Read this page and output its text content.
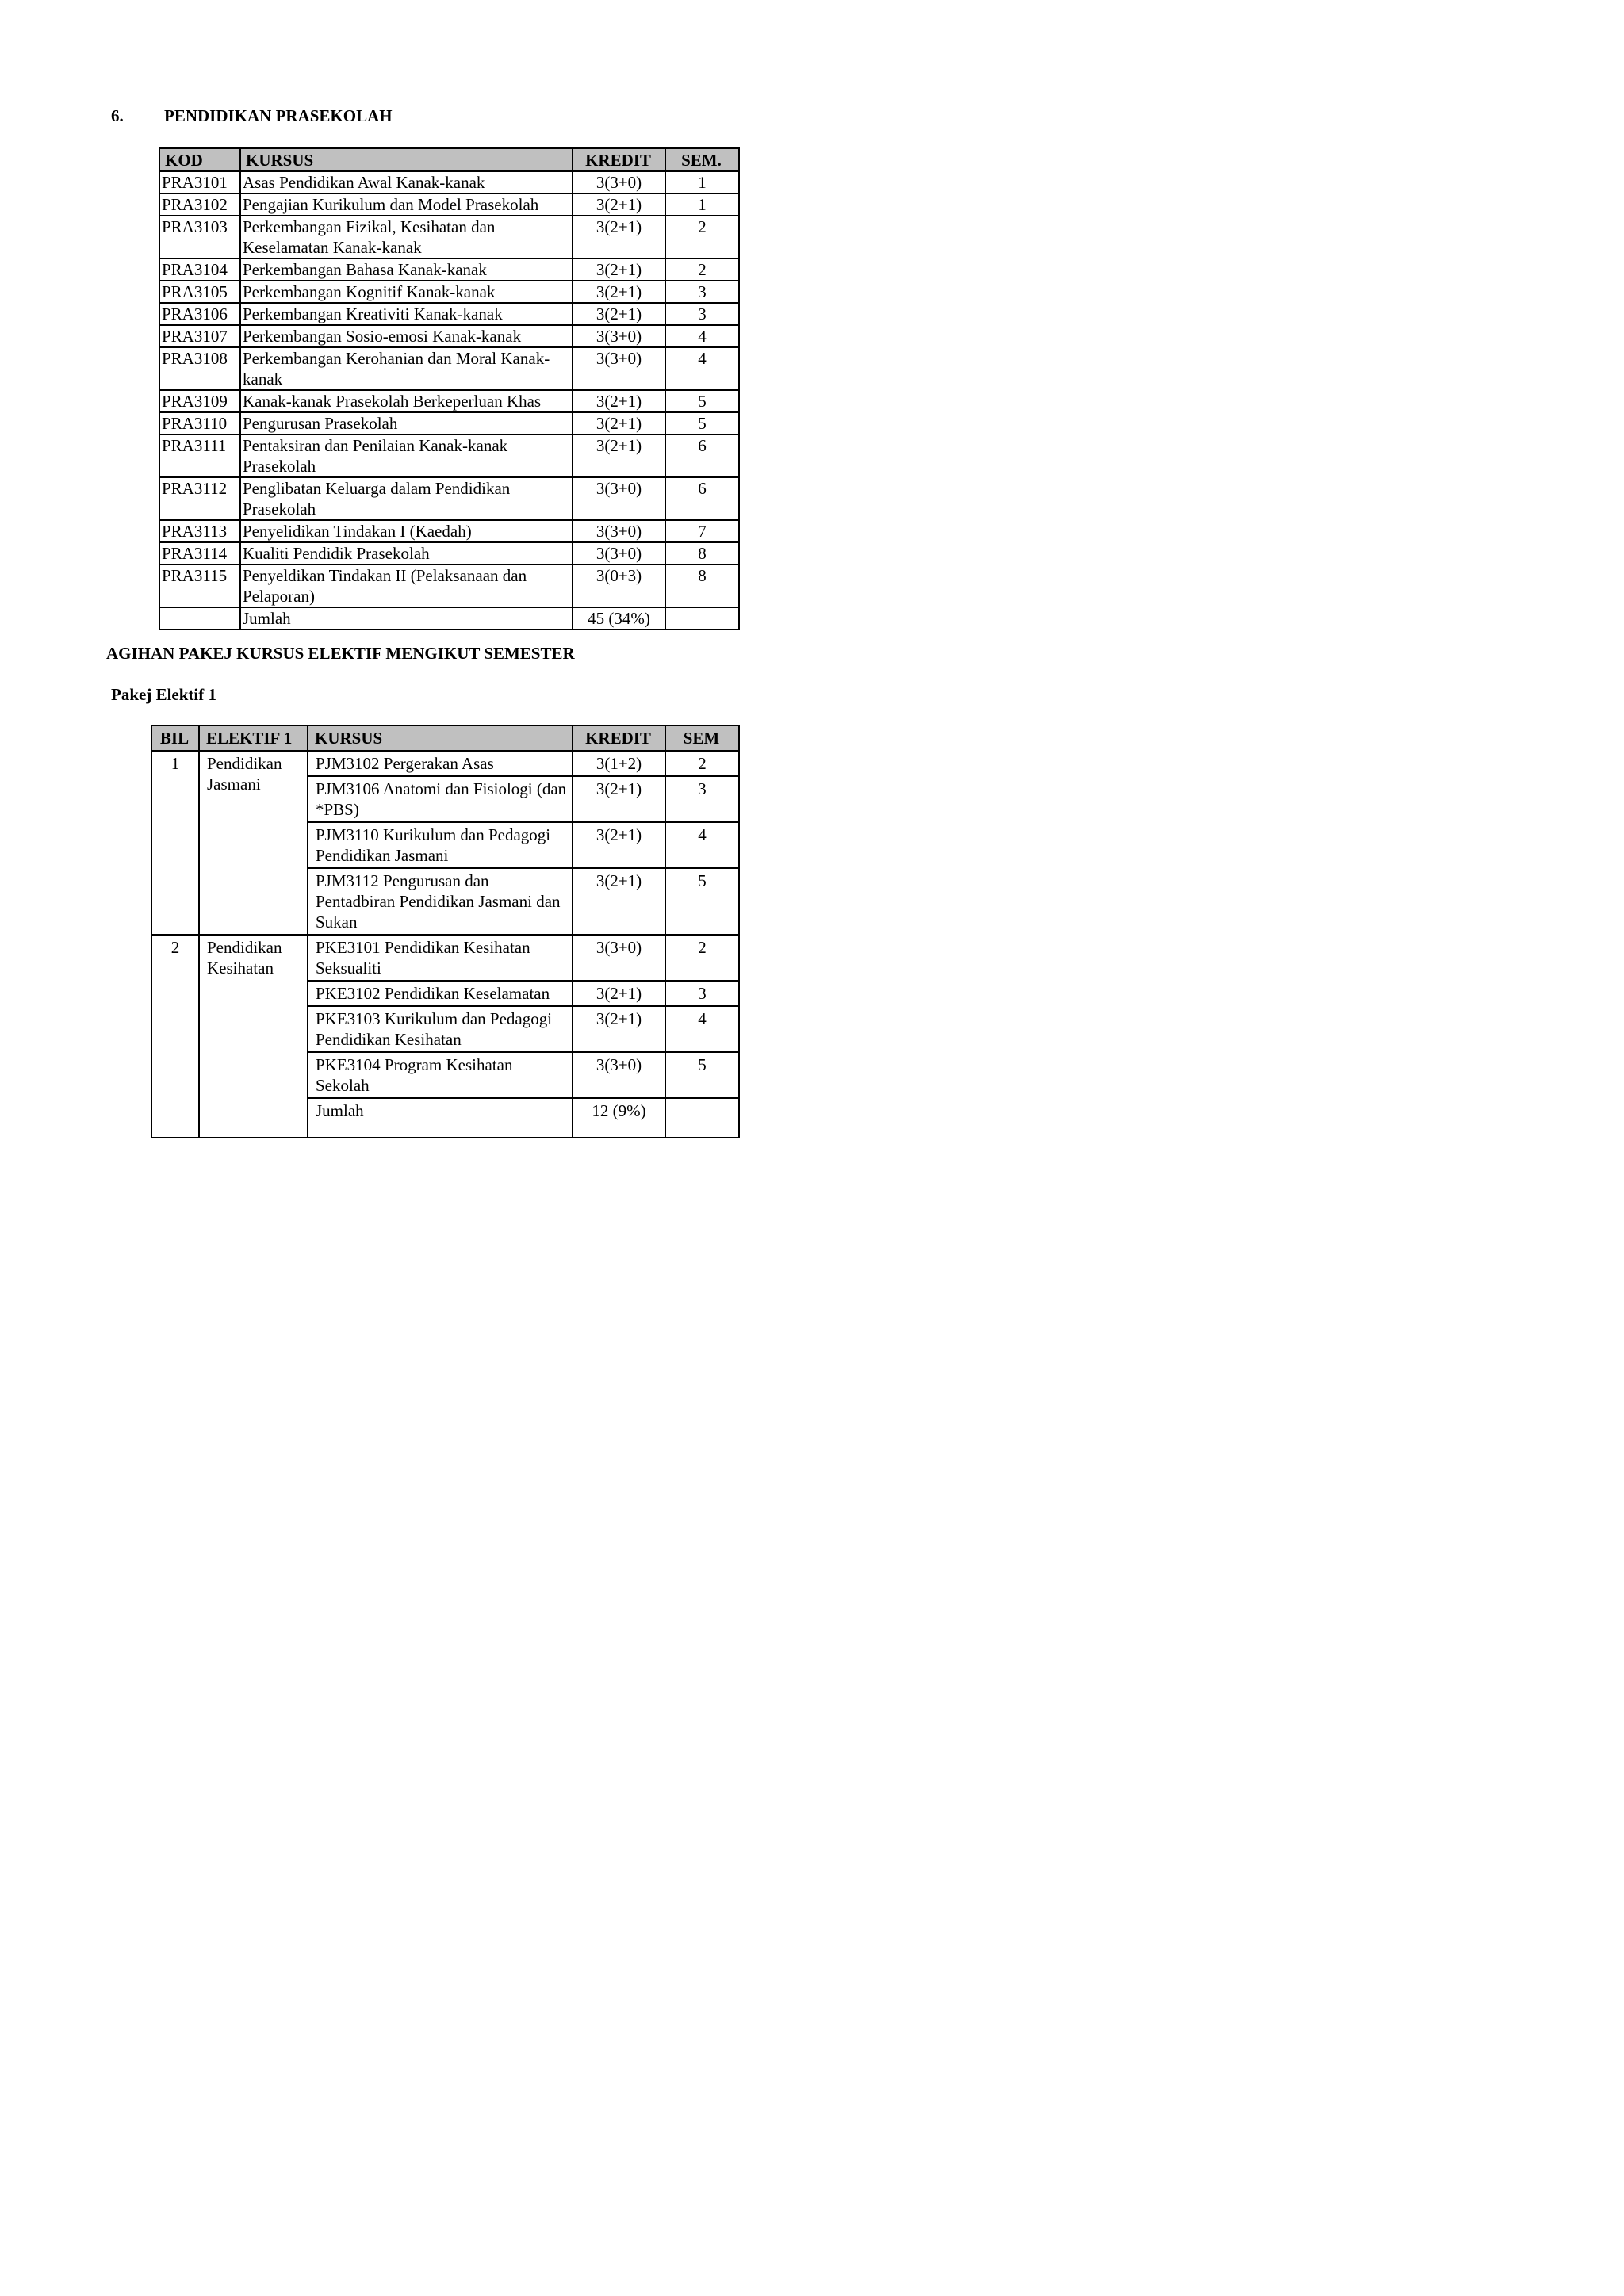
6. PENDIDIKAN PRASEKOLAH
KOD	KURSUS	KREDIT	SEM.
PRA3101	Asas Pendidikan Awal Kanak-kanak	3(3+0)	1
PRA3102	Pengajian Kurikulum dan Model Prasekolah	3(2+1)	1
PRA3103	Perkembangan Fizikal, Kesihatan dan Keselamatan Kanak-kanak	3(2+1)	2
PRA3104	Perkembangan Bahasa Kanak-kanak	3(2+1)	2
PRA3105	Perkembangan Kognitif Kanak-kanak	3(2+1)	3
PRA3106	Perkembangan Kreativiti Kanak-kanak	3(2+1)	3
PRA3107	Perkembangan Sosio-emosi Kanak-kanak	3(3+0)	4
PRA3108	Perkembangan Kerohanian dan Moral Kanak-kanak	3(3+0)	4
PRA3109	Kanak-kanak Prasekolah Berkeperluan Khas	3(2+1)	5
PRA3110	Pengurusan Prasekolah	3(2+1)	5
PRA3111	Pentaksiran dan Penilaian Kanak-kanak Prasekolah	3(2+1)	6
PRA3112	Penglibatan Keluarga dalam Pendidikan Prasekolah	3(3+0)	6
PRA3113	Penyelidikan Tindakan I (Kaedah)	3(3+0)	7
PRA3114	Kualiti Pendidik Prasekolah	3(3+0)	8
PRA3115	Penyeldikan Tindakan II (Pelaksanaan dan Pelaporan)	3(0+3)	8
	Jumlah	45 (34%)	
AGIHAN PAKEJ KURSUS ELEKTIF MENGIKUT SEMESTER
Pakej Elektif 1
BIL	ELEKTIF 1	KURSUS	KREDIT	SEM
1	Pendidikan Jasmani	PJM3102 Pergerakan Asas	3(1+2)	2
		PJM3106 Anatomi dan Fisiologi (dan *PBS)	3(2+1)	3
		PJM3110 Kurikulum dan Pedagogi Pendidikan Jasmani	3(2+1)	4
		PJM3112 Pengurusan dan Pentadbiran Pendidikan Jasmani dan Sukan	3(2+1)	5
2	Pendidikan Kesihatan	PKE3101 Pendidikan Kesihatan Seksualiti	3(3+0)	2
		PKE3102 Pendidikan Keselamatan	3(2+1)	3
		PKE3103 Kurikulum dan Pedagogi Pendidikan Kesihatan	3(2+1)	4
		PKE3104 Program Kesihatan Sekolah	3(3+0)	5
		Jumlah	12 (9%)	
